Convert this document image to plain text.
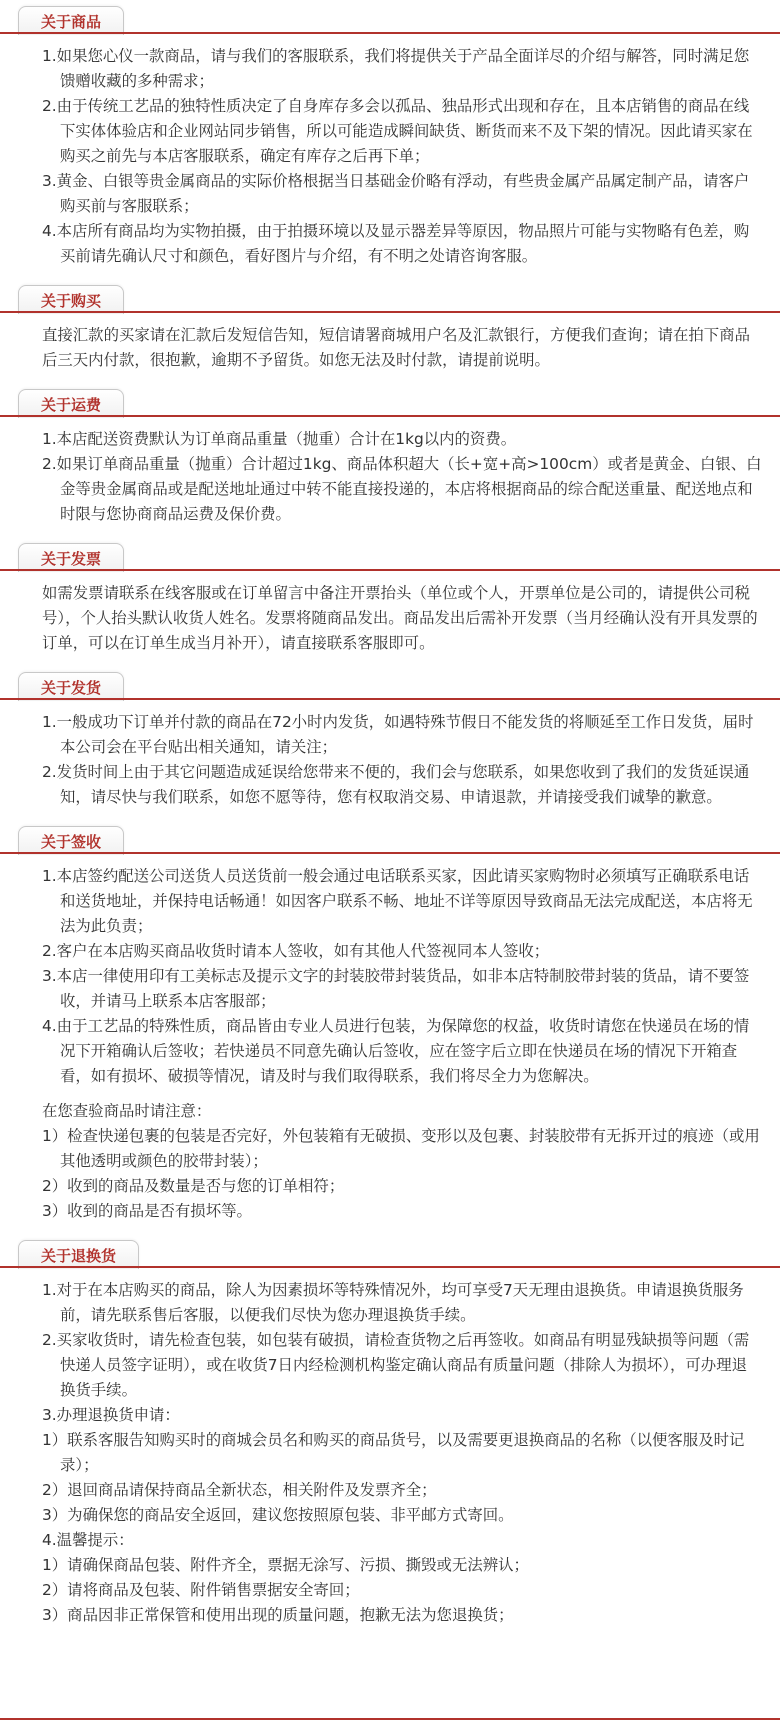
关于商品

1.如果您心仪一款商品，请与我们的客服联系，我们将提供关于产品全面详尽的介绍与解答，同时满足您馈赠收藏的多种需求；

2.由于传统工艺品的独特性质决定了自身库存多会以孤品、独品形式出现和存在，且本店销售的商品在线下实体体验店和企业网站同步销售，所以可能造成瞬间缺货、断货而来不及下架的情况。因此请买家在购买之前先与本店客服联系，确定有库存之后再下单；

3.黄金、白银等贵金属商品的实际价格根据当日基础金价略有浮动，有些贵金属产品属定制产品，请客户购买前与客服联系；

4.本店所有商品均为实物拍摄，由于拍摄环境以及显示器差异等原因，物品照片可能与实物略有色差，购买前请先确认尺寸和颜色，看好图片与介绍，有不明之处请咨询客服。

关于购买

直接汇款的买家请在汇款后发短信告知，短信请署商城用户名及汇款银行，方便我们查询；请在拍下商品后三天内付款，很抱歉，逾期不予留货。如您无法及时付款，请提前说明。

关于运费

1.本店配送资费默认为订单商品重量（抛重）合计在1kg以内的资费。

2.如果订单商品重量（抛重）合计超过1kg、商品体积超大（长+宽+高>100cm）或者是黄金、白银、白金等贵金属商品或是配送地址通过中转不能直接投递的，本店将根据商品的综合配送重量、配送地点和时限与您协商商品运费及保价费。

关于发票

如需发票请联系在线客服或在订单留言中备注开票抬头（单位或个人，开票单位是公司的，请提供公司税号），个人抬头默认收货人姓名。发票将随商品发出。商品发出后需补开发票（当月经确认没有开具发票的订单，可以在订单生成当月补开），请直接联系客服即可。

关于发货

1.一般成功下订单并付款的商品在72小时内发货，如遇特殊节假日不能发货的将顺延至工作日发货，届时本公司会在平台贴出相关通知，请关注；

2.发货时间上由于其它问题造成延误给您带来不便的，我们会与您联系，如果您收到了我们的发货延误通知，请尽快与我们联系，如您不愿等待，您有权取消交易、申请退款，并请接受我们诚挚的歉意。

关于签收

1.本店签约配送公司送货人员送货前一般会通过电话联系买家，因此请买家购物时必须填写正确联系电话和送货地址，并保持电话畅通！如因客户联系不畅、地址不详等原因导致商品无法完成配送，本店将无法为此负责；

2.客户在本店购买商品收货时请本人签收，如有其他人代签视同本人签收；

3.本店一律使用印有工美标志及提示文字的封装胶带封装货品，如非本店特制胶带封装的货品，请不要签收，并请马上联系本店客服部；

4.由于工艺品的特殊性质，商品皆由专业人员进行包装，为保障您的权益，收货时请您在快递员在场的情况下开箱确认后签收；若快递员不同意先确认后签收，应在签字后立即在快递员在场的情况下开箱查看，如有损坏、破损等情况，请及时与我们取得联系，我们将尽全力为您解决。

在您查验商品时请注意：

1）检查快递包裹的包装是否完好，外包装箱有无破损、变形以及包裹、封装胶带有无拆开过的痕迹（或用其他透明或颜色的胶带封装）；

2）收到的商品及数量是否与您的订单相符；

3）收到的商品是否有损坏等。

关于退换货

1.对于在本店购买的商品，除人为因素损坏等特殊情况外，均可享受7天无理由退换货。申请退换货服务前，请先联系售后客服，以便我们尽快为您办理退换货手续。

2.买家收货时，请先检查包装，如包装有破损，请检查货物之后再签收。如商品有明显残缺损等问题（需快递人员签字证明），或在收货7日内经检测机构鉴定确认商品有质量问题（排除人为损坏），可办理退换货手续。

3.办理退换货申请：

1）联系客服告知购买时的商城会员名和购买的商品货号，以及需要更退换商品的名称（以便客服及时记录）；

2）退回商品请保持商品全新状态，相关附件及发票齐全；

3）为确保您的商品安全返回，建议您按照原包装、非平邮方式寄回。

4.温馨提示：

1）请确保商品包装、附件齐全，票据无涂写、污损、撕毁或无法辨认；

2）请将商品及包装、附件销售票据安全寄回；

3）商品因非正常保管和使用出现的质量问题，抱歉无法为您退换货；
